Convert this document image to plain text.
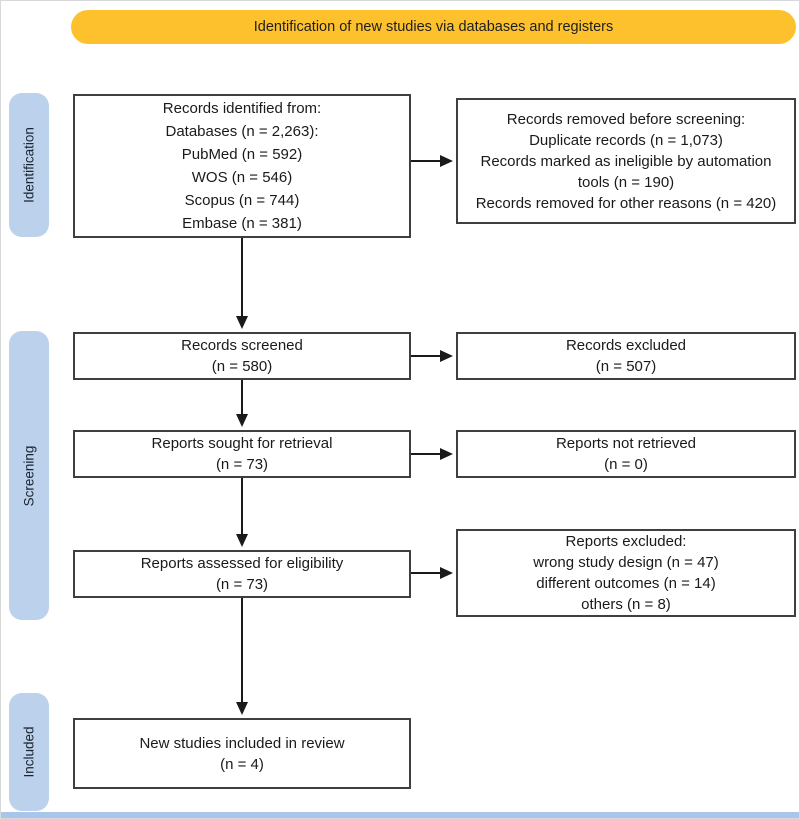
Identification of new studies via databases and registers
Identification
Screening
Included
Records identified from:
Databases (n = 2,263):
PubMed (n = 592)
WOS (n = 546)
Scopus (n = 744)
Embase (n = 381)
Records removed before screening:
Duplicate records (n = 1,073)
Records marked as ineligible by automation tools (n = 190)
Records removed for other reasons (n = 420)
Records screened
(n = 580)
Records excluded
(n = 507)
Reports sought for retrieval
(n = 73)
Reports not retrieved
(n = 0)
Reports assessed for eligibility
(n = 73)
Reports excluded:
wrong study design (n = 47)
different outcomes (n = 14)
others (n = 8)
New studies included in review
(n = 4)
